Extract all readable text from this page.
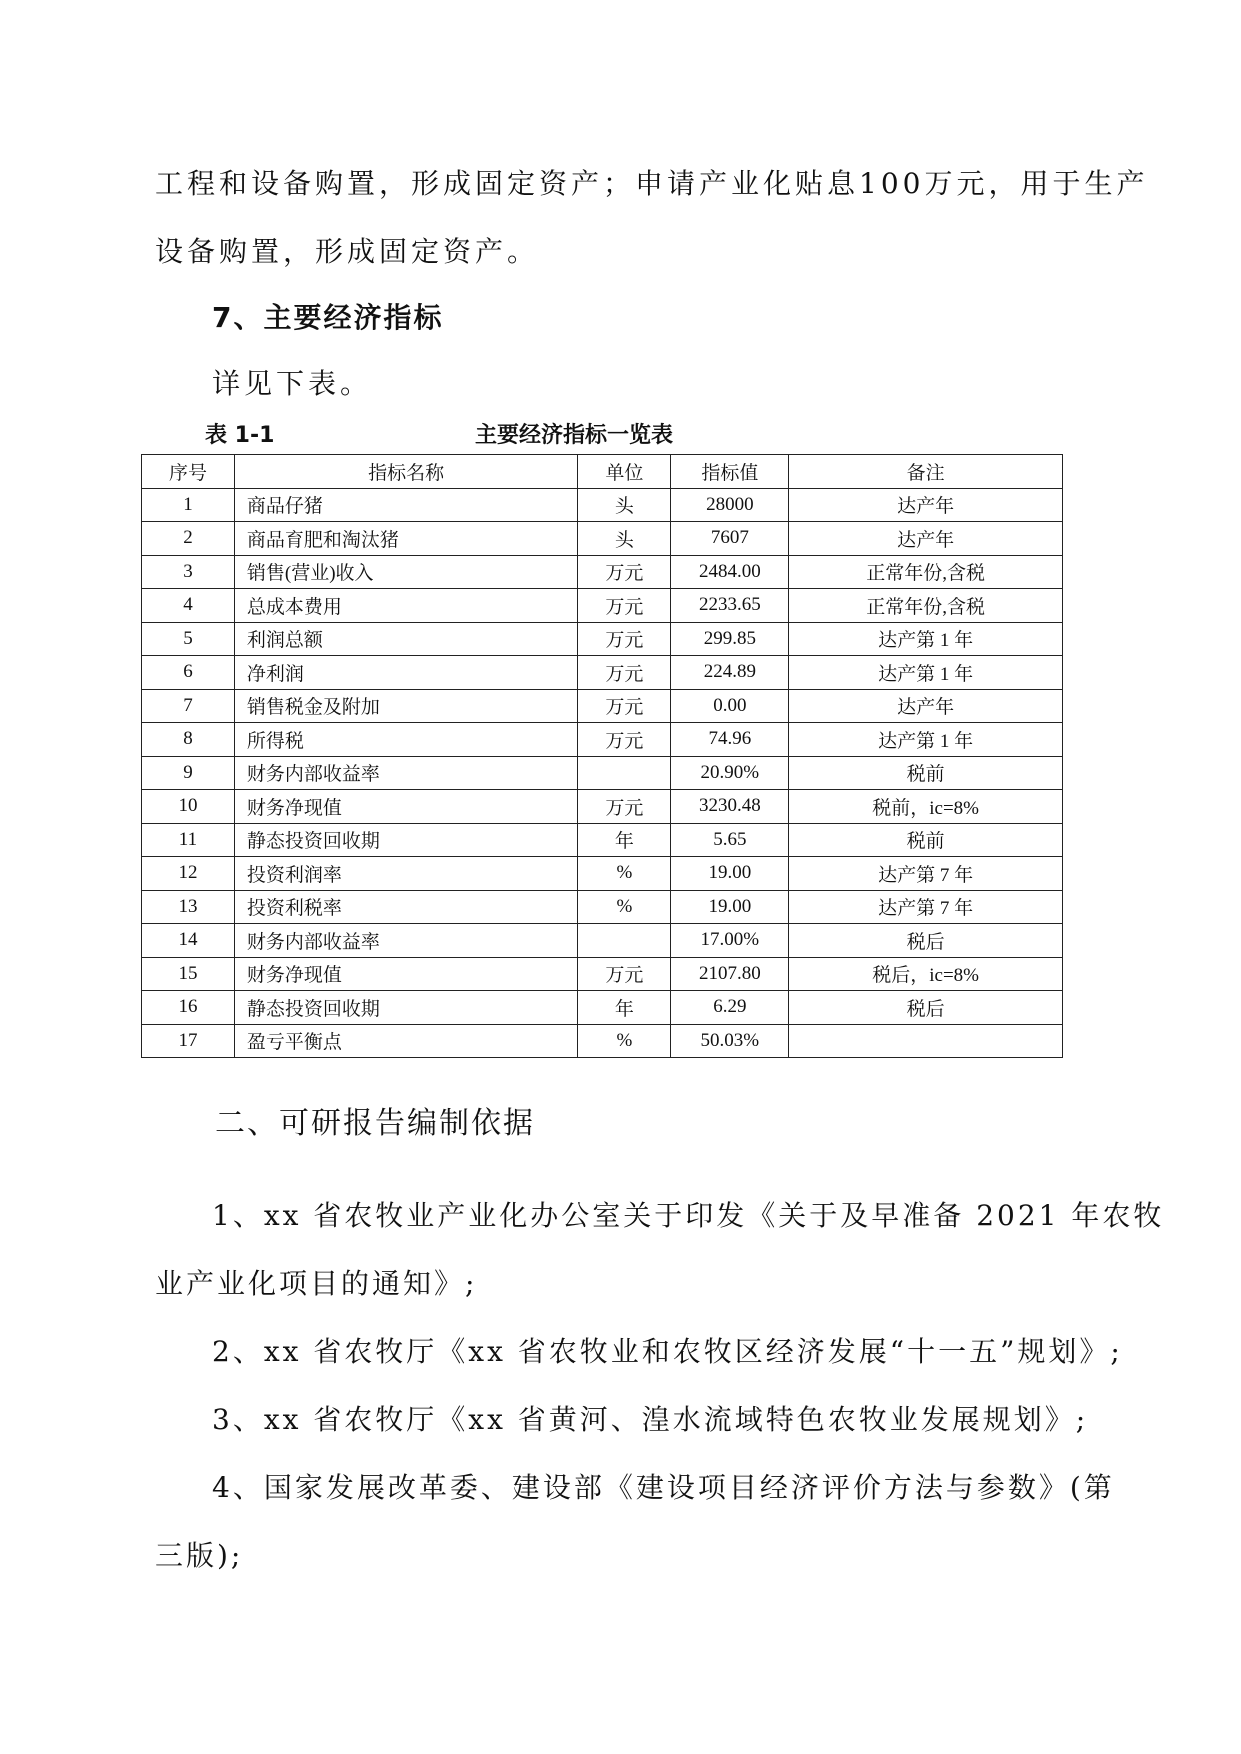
工程和设备购置，形成固定资产；申请产业化贴息100万元，用于生产
设备购置，形成固定资产。
7、主要经济指标
详见下表。
表 1-1	主要经济指标一览表
序号	指标名称	单位	指标值	备注
1	商品仔猪	头	28000	达产年
2	商品育肥和淘汰猪	头	7607	达产年
3	销售(营业)收入	万元	2484.00	正常年份,含税
4	总成本费用	万元	2233.65	正常年份,含税
5	利润总额	万元	299.85	达产第 1 年
6	净利润	万元	224.89	达产第 1 年
7	销售税金及附加	万元	0.00	达产年
8	所得税	万元	74.96	达产第 1 年
9	财务内部收益率		20.90%	税前
10	财务净现值	万元	3230.48	税前，ic=8%
11	静态投资回收期	年	5.65	税前
12	投资利润率	%	19.00	达产第 7 年
13	投资利税率	%	19.00	达产第 7 年
14	财务内部收益率		17.00%	税后
15	财务净现值	万元	2107.80	税后，ic=8%
16	静态投资回收期	年	6.29	税后
17	盈亏平衡点	%	50.03%	
二、可研报告编制依据
1、xx 省农牧业产业化办公室关于印发《关于及早准备 2021 年农牧
业产业化项目的通知》;
2、xx 省农牧厅《xx 省农牧业和农牧区经济发展“十一五”规划》;
3、xx 省农牧厅《xx 省黄河、湟水流域特色农牧业发展规划》;
4、国家发展改革委、建设部《建设项目经济评价方法与参数》(第
三版);
